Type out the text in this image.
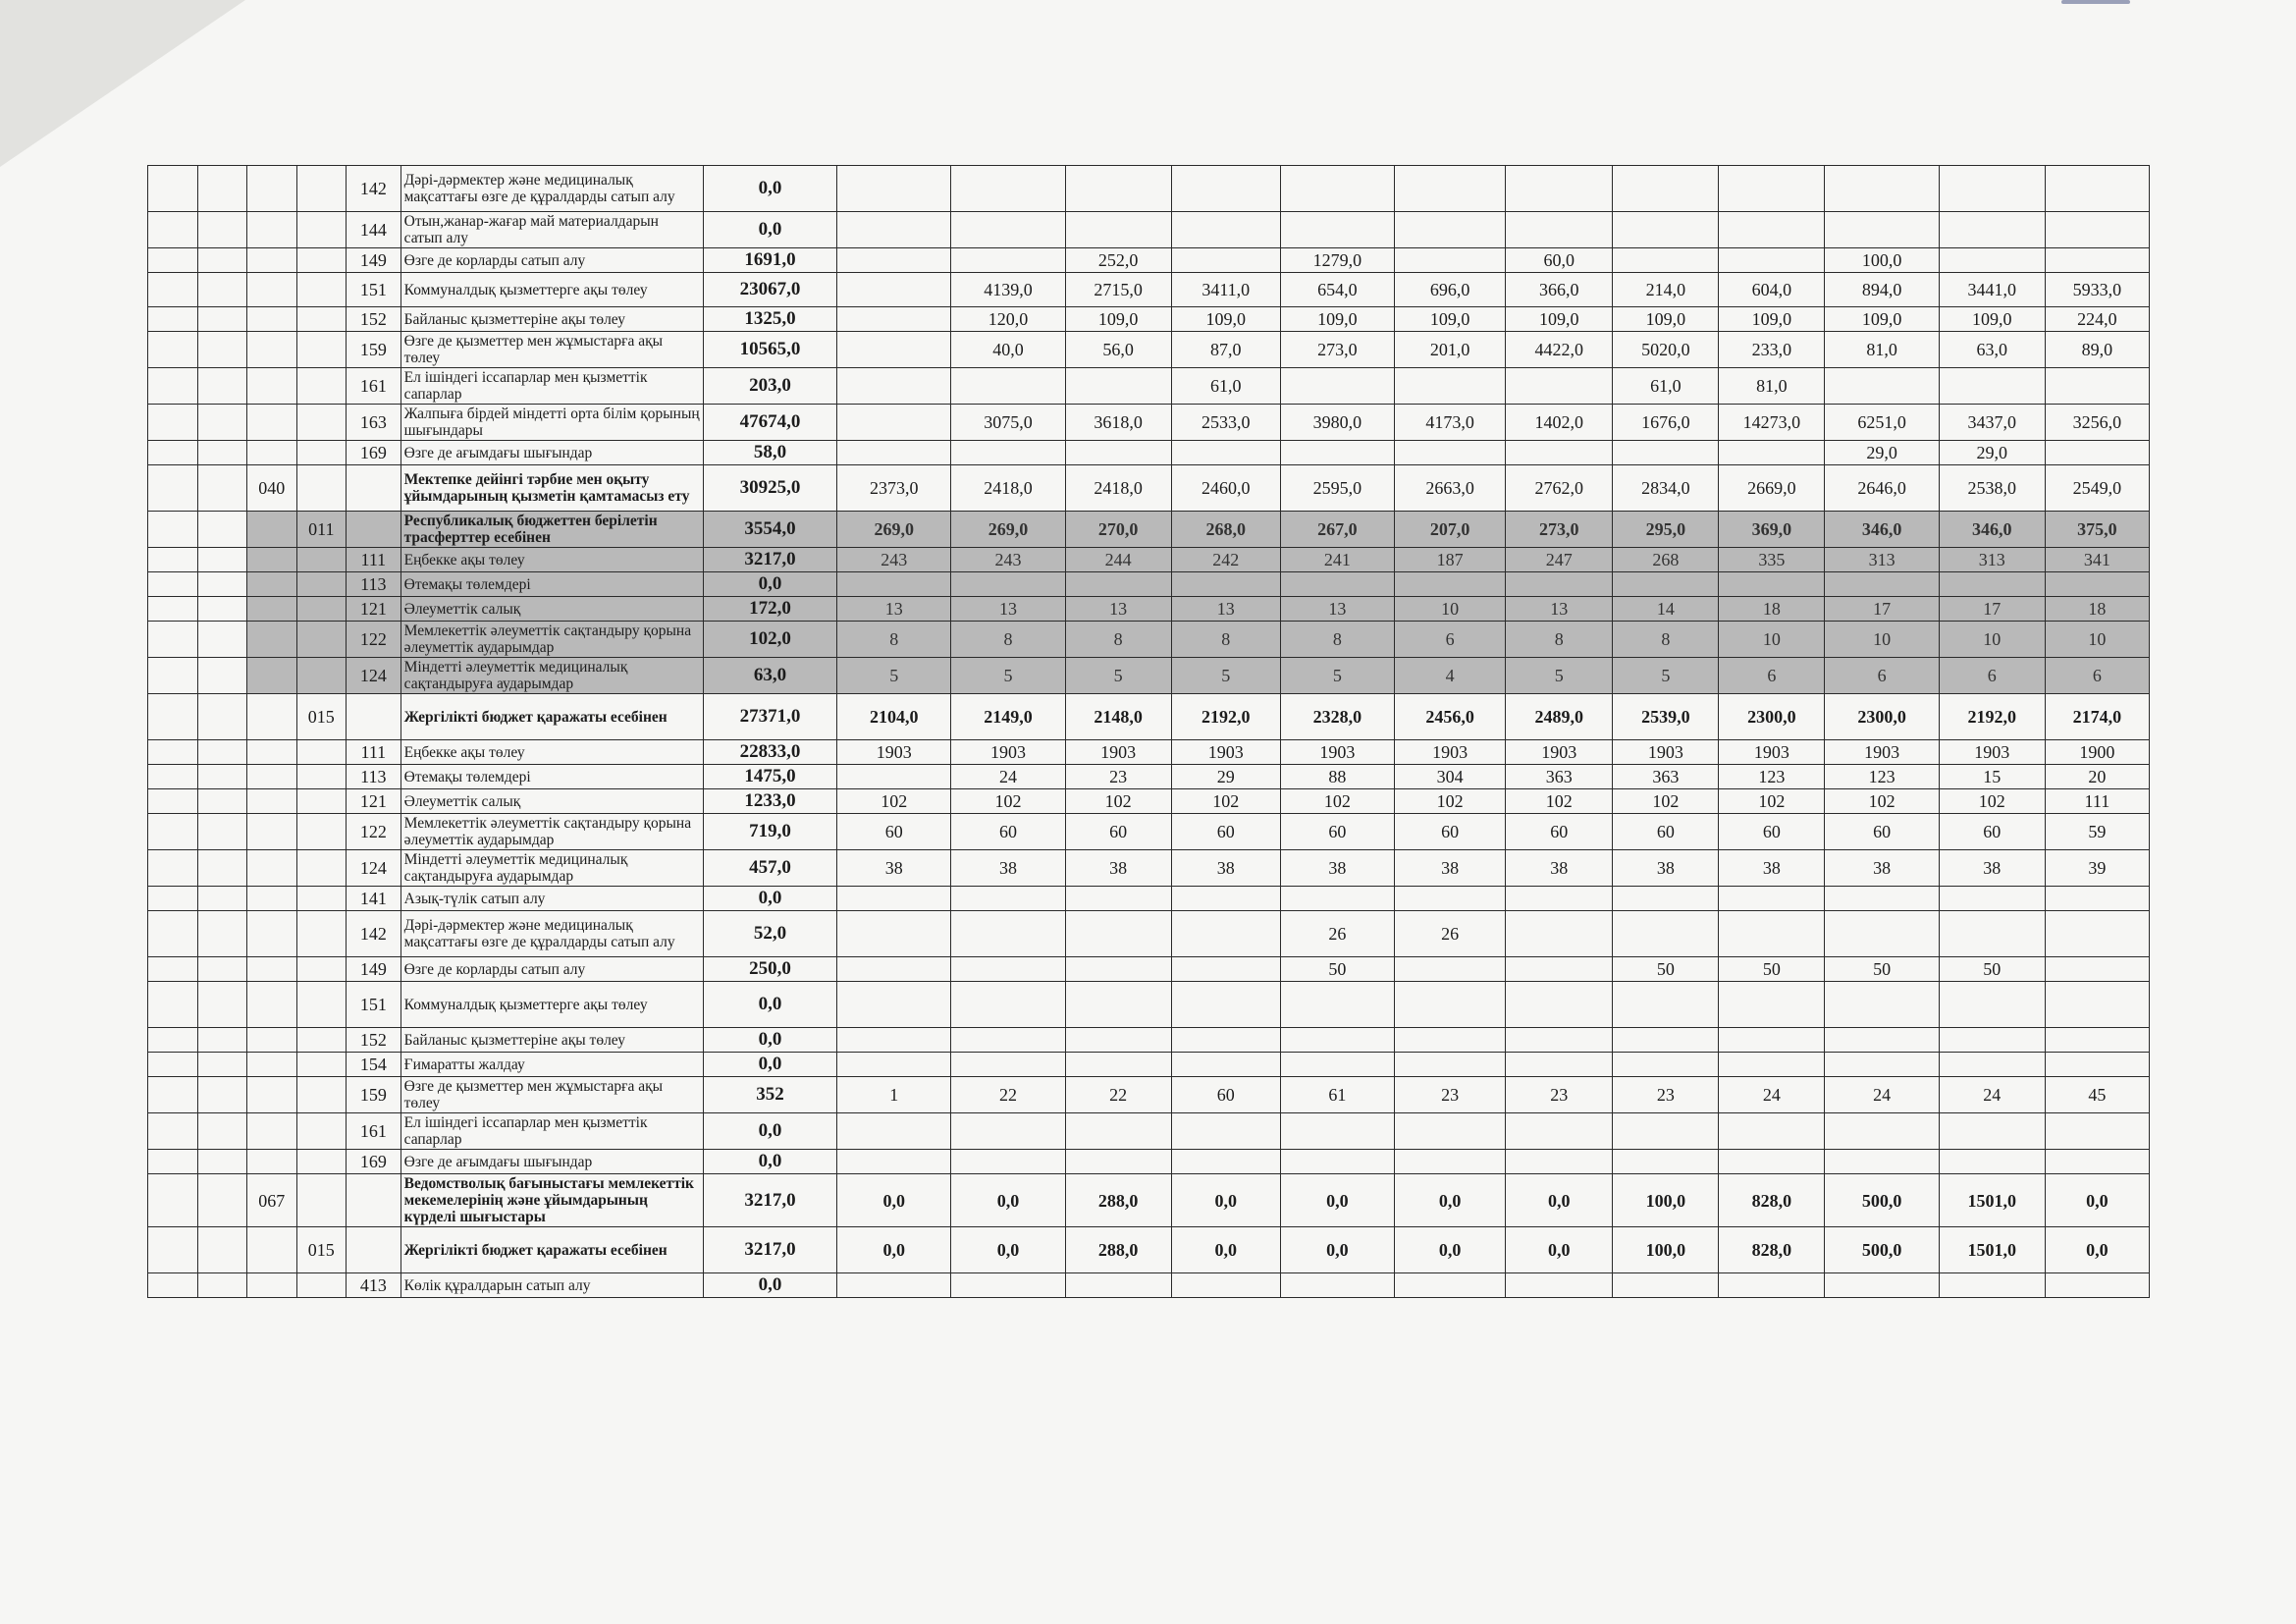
				142	Дәрі-дәрмектер және медициналық мақсаттағы өзге де құралдарды сатып алу	0,0												
				144	Отын,жанар-жағар май материалдарын сатып алу	0,0												
				149	Өзге де корларды сатып алу	1691,0			252,0		1279,0		60,0			100,0		
				151	Коммуналдық қызметтерге ақы төлеу	23067,0		4139,0	2715,0	3411,0	654,0	696,0	366,0	214,0	604,0	894,0	3441,0	5933,0
				152	Байланыс қызметтеріне ақы төлеу	1325,0		120,0	109,0	109,0	109,0	109,0	109,0	109,0	109,0	109,0	109,0	224,0
				159	Өзге де қызметтер мен жұмыстарға ақы төлеу	10565,0		40,0	56,0	87,0	273,0	201,0	4422,0	5020,0	233,0	81,0	63,0	89,0
				161	Ел ішіндегі іссапарлар мен қызметтік сапарлар	203,0				61,0				61,0	81,0			
				163	Жалпыға бірдей міндетті орта білім қорының шығындары	47674,0		3075,0	3618,0	2533,0	3980,0	4173,0	1402,0	1676,0	14273,0	6251,0	3437,0	3256,0
				169	Өзге де ағымдағы шығындар	58,0										29,0	29,0	
		040			Мектепке дейінгі тәрбие мен оқыту ұйымдарының қызметін қамтамасыз ету	30925,0	2373,0	2418,0	2418,0	2460,0	2595,0	2663,0	2762,0	2834,0	2669,0	2646,0	2538,0	2549,0
			011		Республикалық бюджеттен берілетін трасферттер есебінен	3554,0	269,0	269,0	270,0	268,0	267,0	207,0	273,0	295,0	369,0	346,0	346,0	375,0
				111	Еңбекке ақы төлеу	3217,0	243	243	244	242	241	187	247	268	335	313	313	341
				113	Өтемақы төлемдері	0,0												
				121	Әлеуметтік салық	172,0	13	13	13	13	13	10	13	14	18	17	17	18
				122	Мемлекеттік әлеуметтік сақтандыру қорына әлеуметтік аударымдар	102,0	8	8	8	8	8	6	8	8	10	10	10	10
				124	Міндетті әлеуметтік медициналық сақтандыруға аударымдар	63,0	5	5	5	5	5	4	5	5	6	6	6	6
			015		Жергілікті бюджет қаражаты есебінен	27371,0	2104,0	2149,0	2148,0	2192,0	2328,0	2456,0	2489,0	2539,0	2300,0	2300,0	2192,0	2174,0
				111	Еңбекке ақы төлеу	22833,0	1903	1903	1903	1903	1903	1903	1903	1903	1903	1903	1903	1900
				113	Өтемақы төлемдері	1475,0		24	23	29	88	304	363	363	123	123	15	20
				121	Әлеуметтік салық	1233,0	102	102	102	102	102	102	102	102	102	102	102	111
				122	Мемлекеттік әлеуметтік сақтандыру қорына әлеуметтік аударымдар	719,0	60	60	60	60	60	60	60	60	60	60	60	59
				124	Міндетті әлеуметтік медициналық сақтандыруға аударымдар	457,0	38	38	38	38	38	38	38	38	38	38	38	39
				141	Азық-түлік сатып алу	0,0												
				142	Дәрі-дәрмектер және медициналық мақсаттағы өзге де құралдарды сатып алу	52,0					26	26						
				149	Өзге де корларды сатып алу	250,0					50			50	50	50	50	
				151	Коммуналдық қызметтерге ақы төлеу	0,0												
				152	Байланыс қызметтеріне ақы төлеу	0,0												
				154	Ғимаратты жалдау	0,0												
				159	Өзге де қызметтер мен жұмыстарға ақы төлеу	352	1	22	22	60	61	23	23	23	24	24	24	45
				161	Ел ішіндегі іссапарлар мен қызметтік сапарлар	0,0												
				169	Өзге де ағымдағы шығындар	0,0												
		067			Ведомстволық бағыныстағы мемлекеттік мекемелерінің және ұйымдарының күрделі шығыстары	3217,0	0,0	0,0	288,0	0,0	0,0	0,0	0,0	100,0	828,0	500,0	1501,0	0,0
			015		Жергілікті бюджет қаражаты есебінен	3217,0	0,0	0,0	288,0	0,0	0,0	0,0	0,0	100,0	828,0	500,0	1501,0	0,0
				413	Көлік құралдарын сатып алу	0,0												
